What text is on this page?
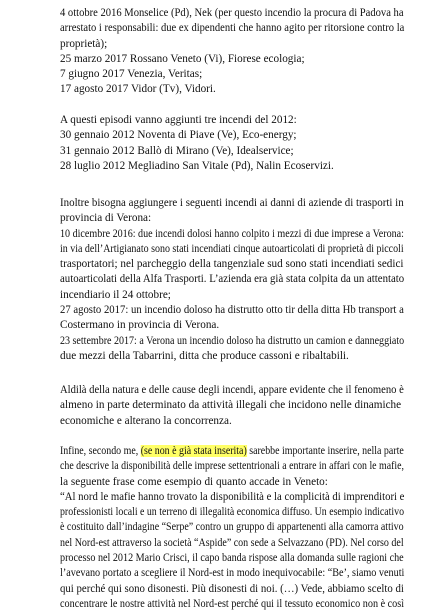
4 ottobre 2016 Monselice (Pd), Nek (per questo incendio la procura di Padova ha
arrestato i responsabili: due ex dipendenti che hanno agito per ritorsione contro la
proprietà);
25 marzo 2017 Rossano Veneto (Vi), Fiorese ecologia;
7 giugno 2017 Venezia, Veritas;
17 agosto 2017 Vidor (Tv), Vidori.

A questi episodi vanno aggiunti tre incendi del 2012:
30 gennaio 2012 Noventa di Piave (Ve), Eco-energy;
31 gennaio 2012 Ballò di Mirano (Ve), Idealservice;
28 luglio 2012 Megliadino San Vitale (Pd), Nalin Ecoservizi.

Inoltre bisogna aggiungere i seguenti incendi ai danni di aziende di trasporti in
provincia di Verona:
10 dicembre 2016: due incendi dolosi hanno colpito i mezzi di due imprese a Verona:
in via dell’Artigianato sono stati incendiati cinque autoarticolati di proprietà di piccoli
trasportatori; nel parcheggio della tangenziale sud sono stati incendiati sedici
autoarticolati della Alfa Trasporti. L’azienda era già stata colpita da un attentato
incendiario il 24 ottobre;
27 agosto 2017: un incendio doloso ha distrutto otto tir della ditta Hb transport a
Costermano in provincia di Verona.
23 settembre 2017: a Verona un incendio doloso ha distrutto un camion e danneggiato
due mezzi della Tabarrini, ditta che produce cassoni e ribaltabili.

Aldilà della natura e delle cause degli incendi, appare evidente che il fenomeno è
almeno in parte determinato da attività illegali che incidono nelle dinamiche
economiche e alterano la concorrenza.

Infine, secondo me, (se non è già stata inserita) sarebbe importante inserire, nella parte
che descrive la disponibilità delle imprese settentrionali a entrare in affari con le mafie,
la seguente frase come esempio di quanto accade in Veneto:
“Al nord le mafie hanno trovato la disponibilità e la complicità di imprenditori e
professionisti locali e un terreno di illegalità economica diffuso. Un esempio indicativo
è costituito dall’indagine “Serpe” contro un gruppo di appartenenti alla camorra attivo
nel Nord-est attraverso la società “Aspide” con sede a Selvazzano (PD). Nel corso del
processo nel 2012 Mario Crisci, il capo banda rispose alla domanda sulle ragioni che
l’avevano portato a scegliere il Nord-est in modo inequivocabile: “Be’, siamo venuti
qui perché qui sono disonesti. Più disonesti di noi. (…) Vede, abbiamo scelto di
concentrare le nostre attività nel Nord-est perché qui il tessuto economico non è così
